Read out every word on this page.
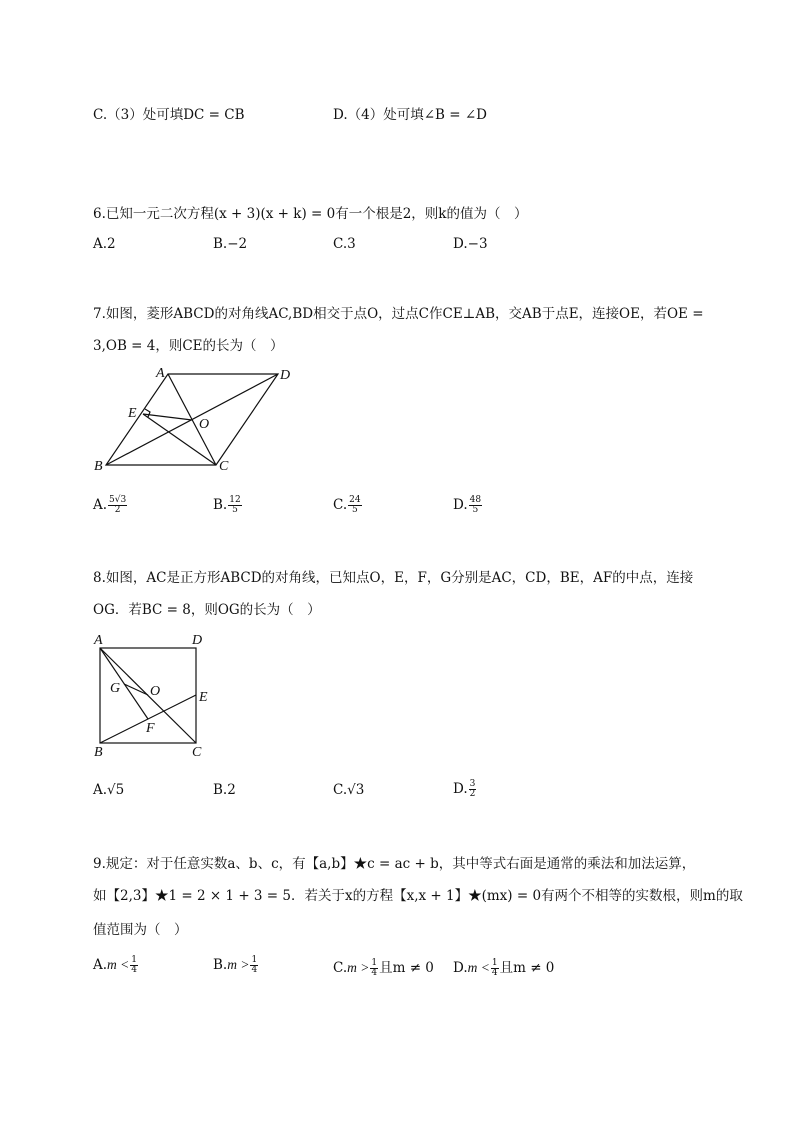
C.（3）处可填DC = CB	D.（4）处可填∠B = ∠D
6.已知一元二次方程(x + 3)(x + k) = 0有一个根是2，则k的值为（　）
A.2	B.−2	C.3	D.−3
7.如图，菱形ABCD的对角线AC,BD相交于点O，过点C作CE⊥AB，交AB于点E，连接OE，若OE =
3,OB = 4，则CE的长为（　）
A	D
E
O
B	C
A. $\frac{5√3}{2}$	B. $\frac{12}{5}$	C. $\frac{24}{5}$	D. $\frac{48}{5}$
8.如图，AC是正方形ABCD的对角线，已知点O，E，F，G分别是AC，CD，BE，AF的中点，连接
OG．若BC = 8，则OG的长为（　）
A	D
G O	E
F
B	C
A.√5	B.2	C.√3	D. $\frac{3}{2}$
9.规定：对于任意实数a、b、c，有【a,b】★c = ac + b，其中等式右面是通常的乘法和加法运算，
如【2,3】★1 = 2 × 1 + 3 = 5．若关于x的方程【x,x + 1】★(mx) = 0有两个不相等的实数根，则m的取
值范围为（　）
$A.m < \frac{1}{4}$	$B.m > \frac{1}{4}$	$C.m > \frac{1}{4}$ 且m ≠ 0 $D.m < \frac{1}{4}$ 且m ≠ 0
